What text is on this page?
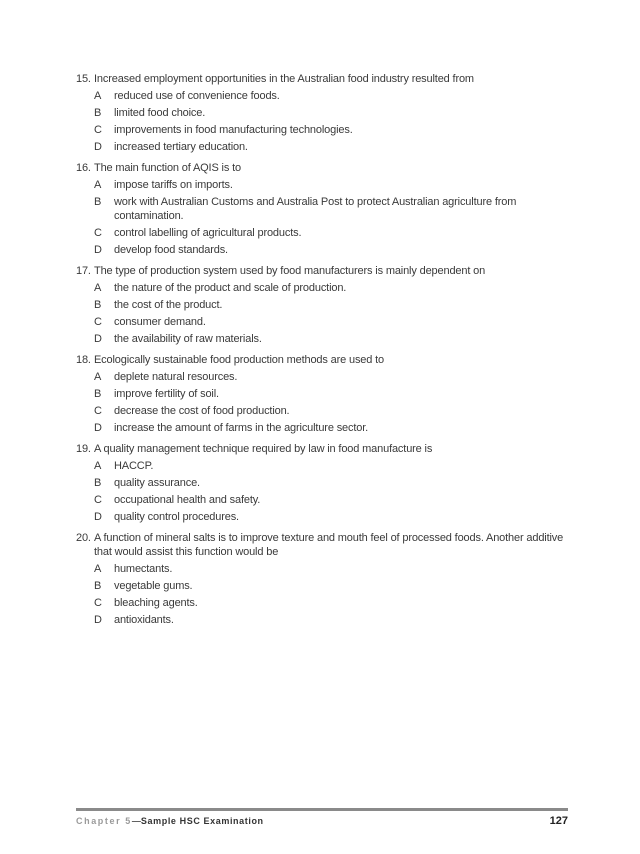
15. Increased employment opportunities in the Australian food industry resulted from
A	reduced use of convenience foods.
B	limited food choice.
C	improvements in food manufacturing technologies.
D	increased tertiary education.
16. The main function of AQIS is to
A	impose tariffs on imports.
B	work with Australian Customs and Australia Post to protect Australian agriculture from contamination.
C	control labelling of agricultural products.
D	develop food standards.
17. The type of production system used by food manufacturers is mainly dependent on
A	the nature of the product and scale of production.
B	the cost of the product.
C	consumer demand.
D	the availability of raw materials.
18. Ecologically sustainable food production methods are used to
A	deplete natural resources.
B	improve fertility of soil.
C	decrease the cost of food production.
D	increase the amount of farms in the agriculture sector.
19. A quality management technique required by law in food manufacture is
A	HACCP.
B	quality assurance.
C	occupational health and safety.
D	quality control procedures.
20. A function of mineral salts is to improve texture and mouth feel of processed foods. Another additive that would assist this function would be
A	humectants.
B	vegetable gums.
C	bleaching agents.
D	antioxidants.
Chapter 5—Sample HSC Examination	127
